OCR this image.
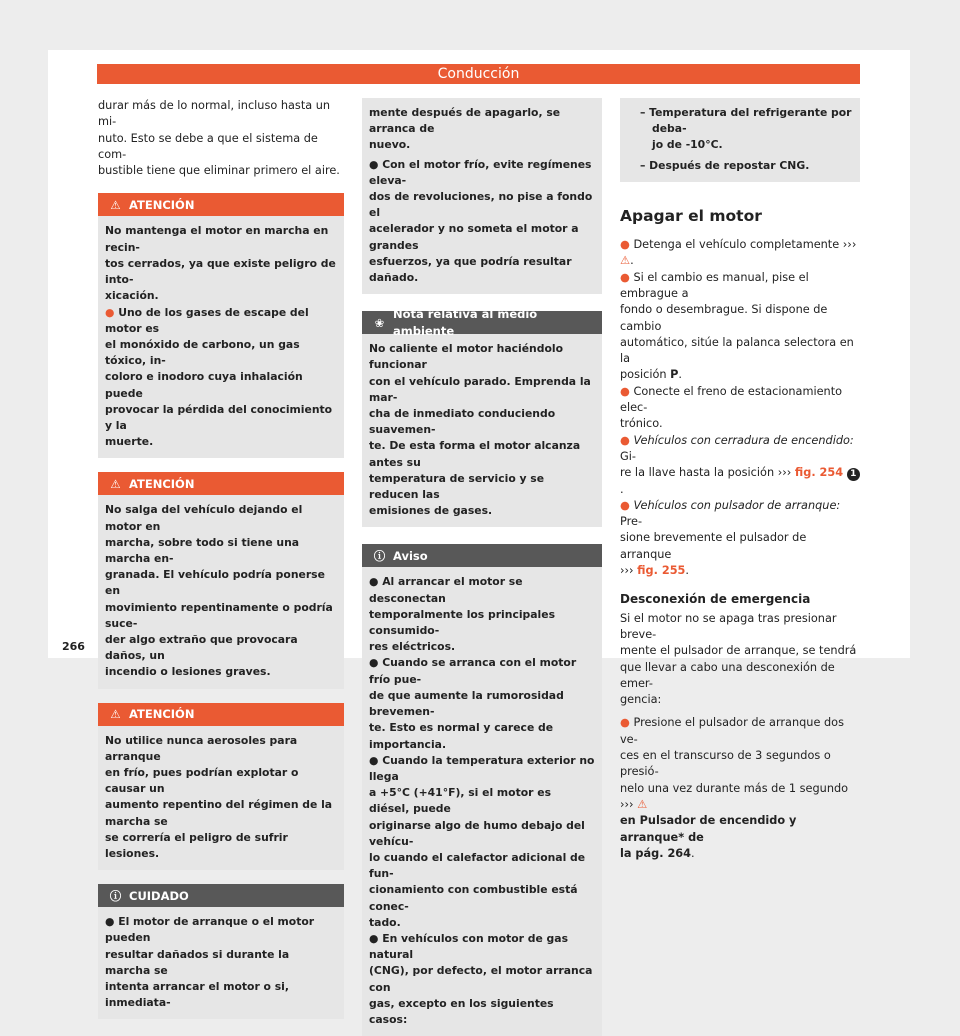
Conducción

durar más de lo normal, incluso hasta un mi-
nuto. Esto se debe a que el sistema de com-
bustible tiene que eliminar primero el aire.

⚠ ATENCIÓN

No mantenga el motor en marcha en recin-
tos cerrados, ya que existe peligro de into-
xicación.

● Uno de los gases de escape del motor es
el monóxido de carbono, un gas tóxico, in-
coloro e inodoro cuya inhalación puede
provocar la pérdida del conocimiento y la
muerte.

⚠ ATENCIÓN

No salga del vehículo dejando el motor en
marcha, sobre todo si tiene una marcha en-
granada. El vehículo podría ponerse en
movimiento repentinamente o podría suce-
der algo extraño que provocara daños, un
incendio o lesiones graves.

⚠ ATENCIÓN

No utilice nunca aerosoles para arranque
en frío, pues podrían explotar o causar un
aumento repentino del régimen de la marcha se
se correría el peligro de sufrir lesiones.

ⓘ CUIDADO

● El motor de arranque o el motor pueden
resultar dañados si durante la marcha se
intenta arrancar el motor o si, inmediata-

mente después de apagarlo, se arranca de
nuevo.

● Con el motor frío, evite regímenes eleva-
dos de revoluciones, no pise a fondo el
acelerador y no someta el motor a grandes
esfuerzos, ya que podría resultar dañado.

❀
Nota relativa al medio ambiente

No caliente el motor haciéndolo funcionar
con el vehículo parado. Emprenda la mar-
cha de inmediato conduciendo suavemen-
te. De esta forma el motor alcanza antes su
temperatura de servicio y se reducen las
emisiones de gases.

ⓘ Aviso

● Al arrancar el motor se desconectan
temporalmente los principales consumido-
res eléctricos.

● Cuando se arranca con el motor frío pue-
de que aumente la rumorosidad brevemen-
te. Esto es normal y carece de importancia.

● Cuando la temperatura exterior no llega
a +5°C (+41°F), si el motor es diésel, puede
originarse algo de humo debajo del vehícu-
lo cuando el calefactor adicional de fun-
cionamiento con combustible está conec-
tado.

● En vehículos con motor de gas natural
(CNG), por defecto, el motor arranca con
gas, excepto en los siguientes casos:

– Temperatura del refrigerante por deba-
jo de -10°C.

– Después de repostar CNG.

Apagar el motor

● Detenga el vehículo completamente ››› ⚠.

● Si el cambio es manual, pise el embrague a
fondo o desembrague. Si dispone de cambio
automático, sitúe la palanca selectora en la
posición P.

● Conecte el freno de estacionamiento elec-
trónico.

● Vehículos con cerradura de encendido: Gi-
re la llave hasta la posición ››› fig. 254 1.

● Vehículos con pulsador de arranque: Pre-
sione brevemente el pulsador de arranque
››› fig. 255.

Desconexión de emergencia

Si el motor no se apaga tras presionar breve-
mente el pulsador de arranque, se tendrá
que llevar a cabo una desconexión de emer-
gencia:

● Presione el pulsador de arranque dos ve-
ces en el transcurso de 3 segundos o presió-
nelo una vez durante más de 1 segundo ››› ⚠
en Pulsador de encendido y arranque* de
la pág. 264.

266
